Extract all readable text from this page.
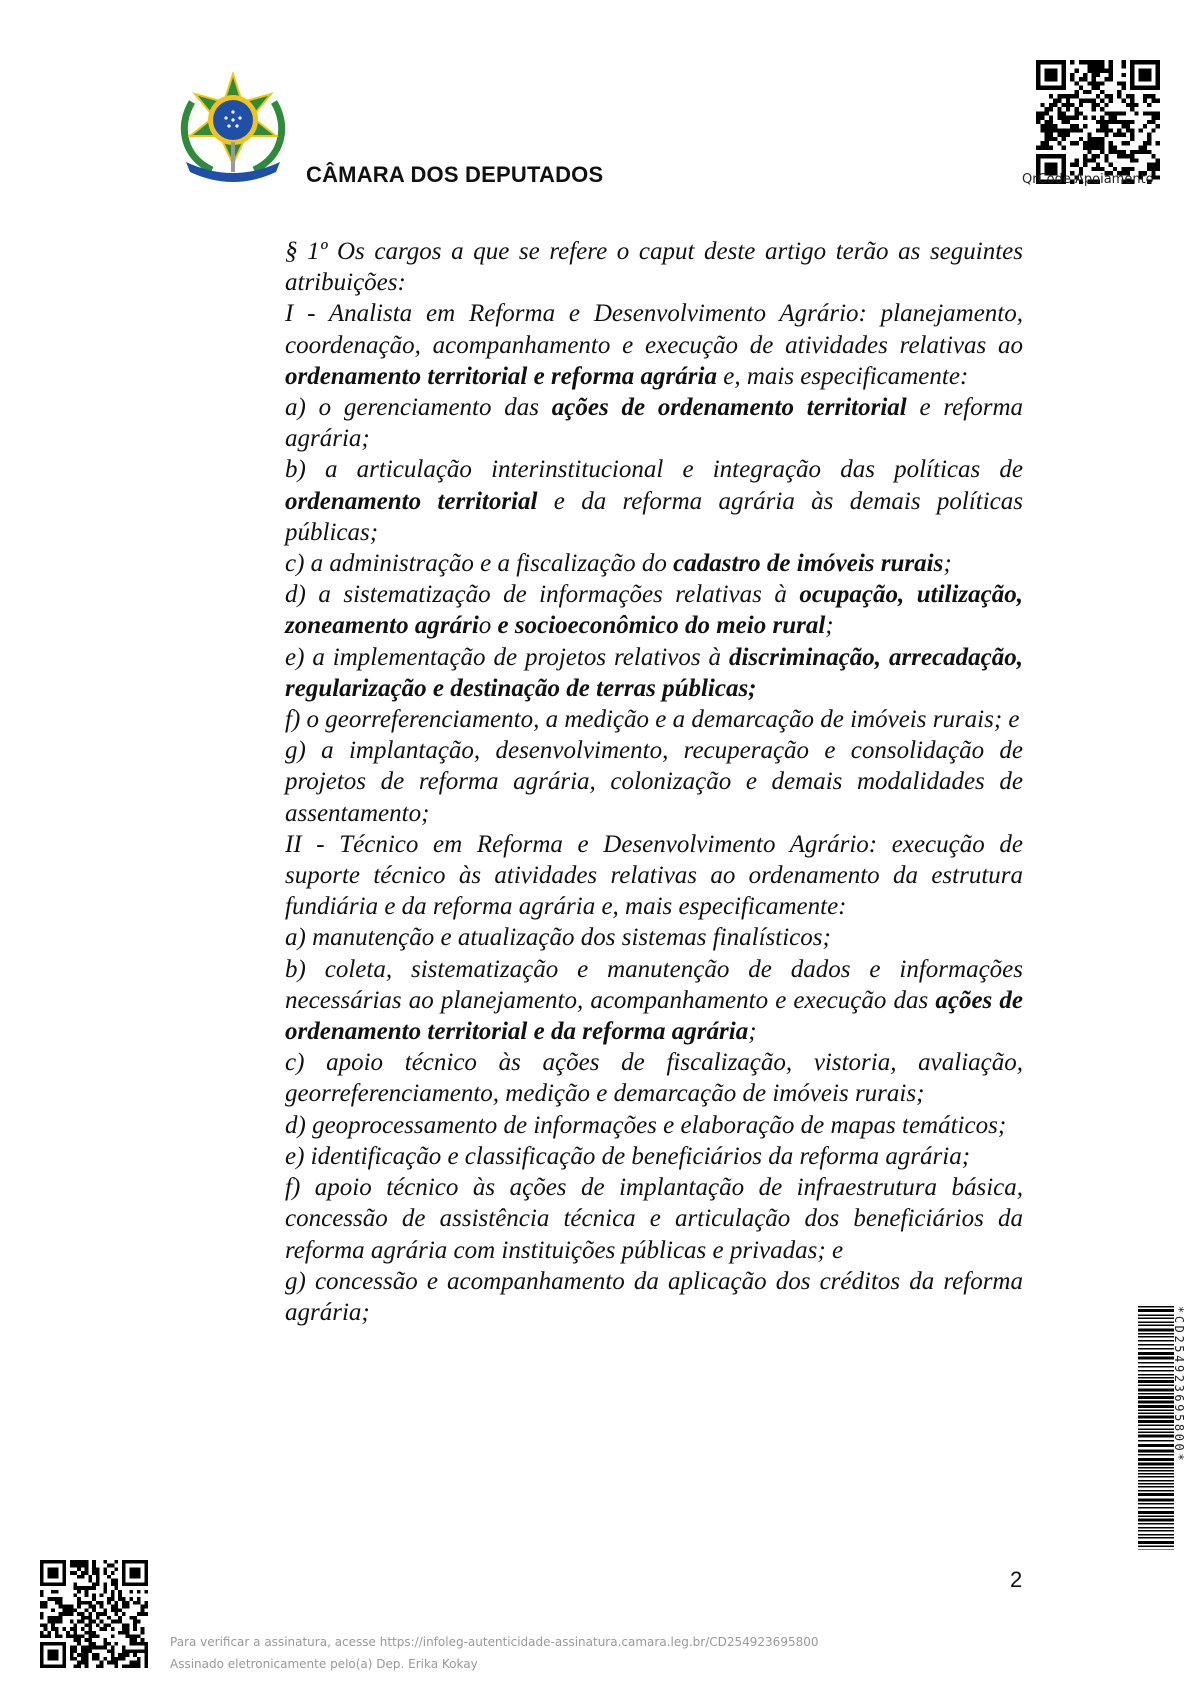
CÂMARA DOS DEPUTADOS	QrCode Apoiamento

§ 1º Os cargos a que se refere o caput deste artigo terão as seguintes atribuições:

I - Analista em Reforma e Desenvolvimento Agrário: planejamento, coordenação, acompanhamento e execução de atividades relativas ao ordenamento territorial e reforma agrária e, mais especificamente:

a) o gerenciamento das ações de ordenamento territorial e reforma agrária;

b) a articulação interinstitucional e integração das políticas de ordenamento territorial e da reforma agrária às demais políticas públicas;

c) a administração e a fiscalização do cadastro de imóveis rurais;

d) a sistematização de informações relativas à ocupação, utilização, zoneamento agrário e socioeconômico do meio rural;

e) a implementação de projetos relativos à discriminação, arrecadação, regularização e destinação de terras públicas;

f) o georreferenciamento, a medição e a demarcação de imóveis rurais; e

g) a implantação, desenvolvimento, recuperação e consolidação de projetos de reforma agrária, colonização e demais modalidades de assentamento;

II - Técnico em Reforma e Desenvolvimento Agrário: execução de suporte técnico às atividades relativas ao ordenamento da estrutura fundiária e da reforma agrária e, mais especificamente:

a) manutenção e atualização dos sistemas finalísticos;

b) coleta, sistematização e manutenção de dados e informações necessárias ao planejamento, acompanhamento e execução das ações de ordenamento territorial e da reforma agrária;

c) apoio técnico às ações de fiscalização, vistoria, avaliação, georreferenciamento, medição e demarcação de imóveis rurais;

d) geoprocessamento de informações e elaboração de mapas temáticos;

e) identificação e classificação de beneficiários da reforma agrária;

f) apoio técnico às ações de implantação de infraestrutura básica, concessão de assistência técnica e articulação dos beneficiários da reforma agrária com instituições públicas e privadas; e

g) concessão e acompanhamento da aplicação dos créditos da reforma agrária;	*CD254923695800*
2
Para verificar a assinatura, acesse https://infoleg-autenticidade-assinatura.camara.leg.br/CD254923695800
Assinado eletronicamente pelo(a) Dep. Erika Kokay
